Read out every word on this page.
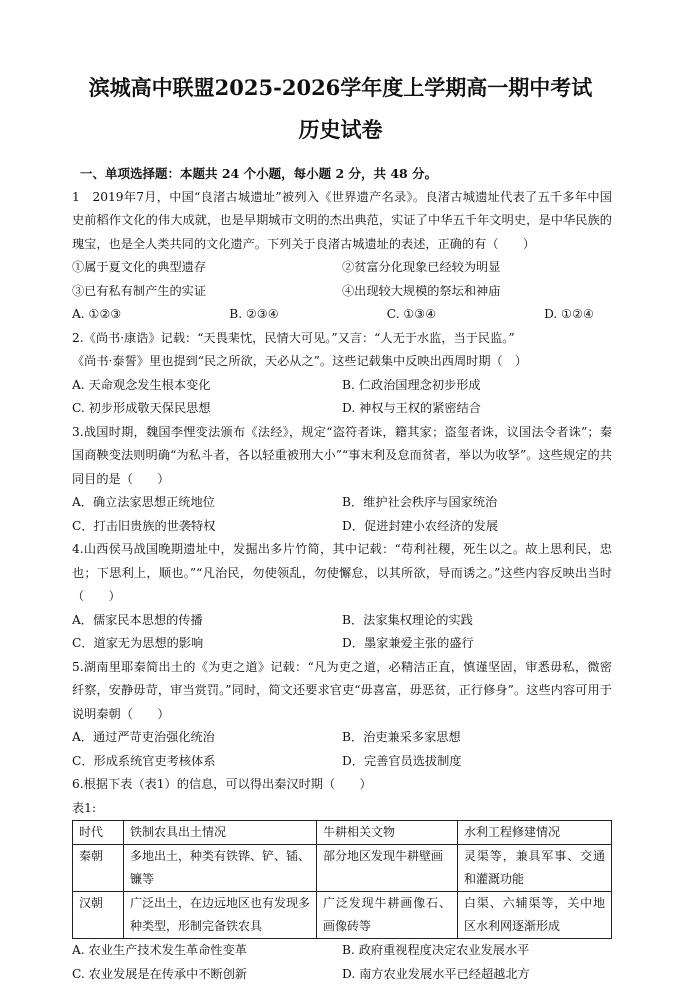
滨城高中联盟2025-2026学年度上学期高一期中考试
历史试卷
一、单项选择题：本题共 24 个小题，每小题 2 分，共 48 分。
1　2019年7月，中国“良渚古城遗址”被列入《世界遗产名录》。良渚古城遗址代表了五千多年中国史前稻作文化的伟大成就，也是早期城市文明的杰出典范，实证了中华五千年文明史，是中华民族的瑰宝，也是全人类共同的文化遗产。下列关于良渚古城遗址的表述，正确的有（　　）
①属于夏文化的典型遗存	②贫富分化现象已经较为明显
③已有私有制产生的实证	④出现较大规模的祭坛和神庙
A. ①②③	B. ②③④	C. ①③④	D. ①②④
2.《尚书·康诰》记载：“天畏棐忱，民情大可见。”又言：“人无于水监，当于民监。”
《尚书·泰誓》里也提到“民之所欲，天必从之”。这些记载集中反映出西周时期（　）
A. 天命观念发生根本变化	B. 仁政治国理念初步形成
C. 初步形成敬天保民思想	D. 神权与王权的紧密结合
3.战国时期，魏国李悝变法颁布《法经》，规定“盗符者诛，籍其家；盗玺者诛，议国法令者诛”；秦国商鞅变法则明确“为私斗者，各以轻重被刑大小”“事末利及怠而贫者，举以为收孥”。这些规定的共同目的是（　　）
A．确立法家思想正统地位	B．维护社会秩序与国家统治
C．打击旧贵族的世袭特权	D．促进封建小农经济的发展
4.山西侯马战国晚期遗址中，发掘出多片竹简，其中记载：“苟利社稷，死生以之。故上思利民，忠也；下思利上，顺也。”“凡治民，勿使领乱，勿使懈怠，以其所欲，导而诱之。”这些内容反映出当时（　　）
A．儒家民本思想的传播	B．法家集权理论的实践
C．道家无为思想的影响	D．墨家兼爱主张的盛行
5.湖南里耶秦简出土的《为吏之道》记载：“凡为吏之道，必精洁正直，慎谨坚固，审悉毋私，微密纤察，安静毋苛，审当赏罚。”同时，简文还要求官吏“毋喜富，毋恶贫，正行修身”。这些内容可用于说明秦朝（　　）
A．通过严苛吏治强化统治	B．治吏兼采多家思想
C．形成系统官吏考核体系	D．完善官员选拔制度
6.根据下表（表1）的信息，可以得出秦汉时期（　　）
表1:
时代	铁制农具出土情况	牛耕相关文物	水利工程修建情况
秦朝	多地出土，种类有铁铧、铲、锸、镰等	部分地区发现牛耕壁画	灵渠等，兼具军事、交通和灌溉功能
汉朝	广泛出土，在边远地区也有发现多种类型，形制完备铁农具	广泛发现牛耕画像石、画像砖等	白渠、六辅渠等，关中地区水利网逐渐形成
A. 农业生产技术发生革命性变革	B. 政府重视程度决定农业发展水平
C. 农业发展是在传承中不断创新	D. 南方农业发展水平已经超越北方
